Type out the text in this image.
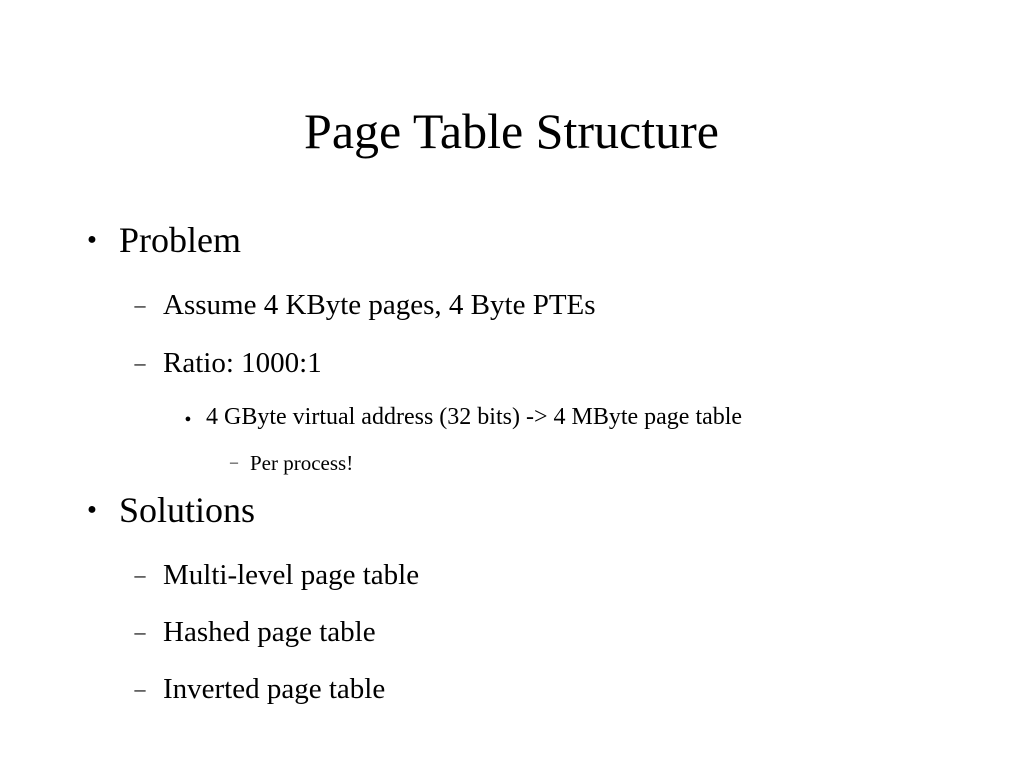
Page Table Structure
● Problem
– Assume 4 KByte pages, 4 Byte PTEs
– Ratio: 1000:1
● 4 GByte virtual address (32 bits) -> 4 MByte page table
– Per process!
● Solutions
– Multi-level page table
– Hashed page table
– Inverted page table
